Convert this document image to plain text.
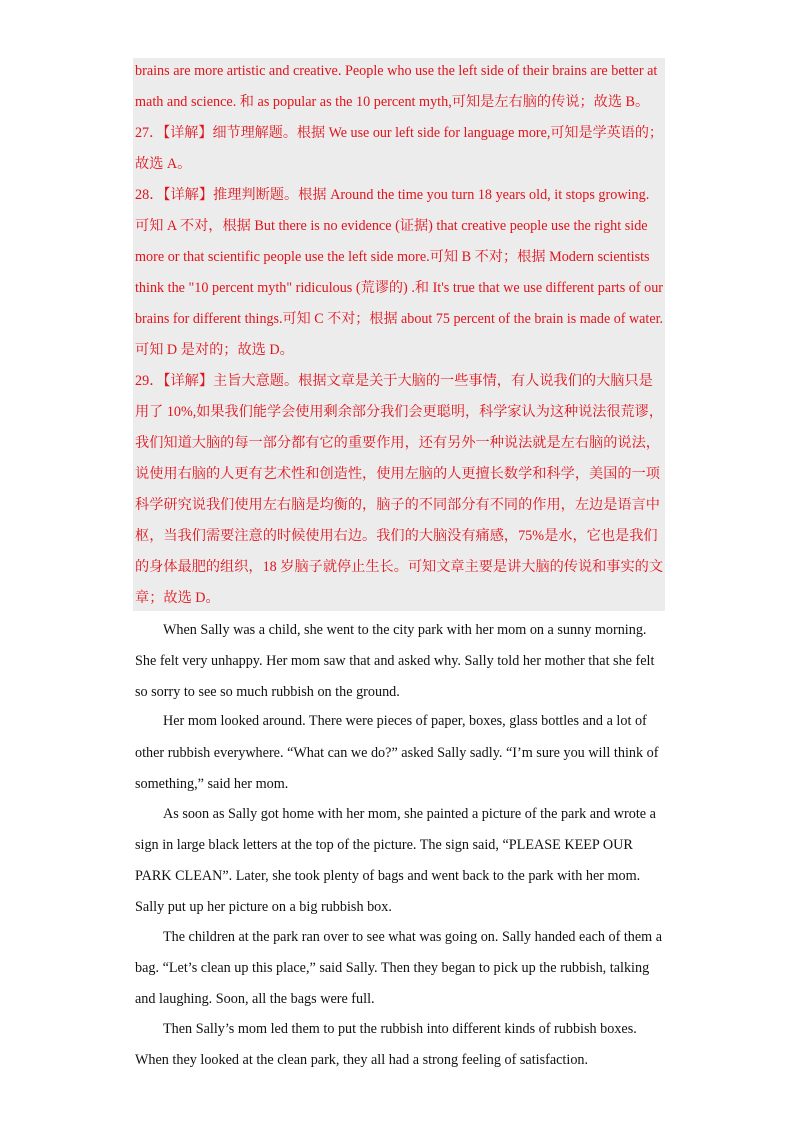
brains are more artistic and creative. People who use the left side of their brains are better at
math and science. 和 as popular as the 10 percent myth,可知是左右脑的传说；故选 B。
27．【详解】细节理解题。根据 We use our left side for language more,可知是学英语的；
故选 A。
28．【详解】推理判断题。根据 Around the time you turn 18 years old, it stops growing.
可知 A 不对，根据 But there is no evidence (证据) that creative people use the right side
more or that scientific people use the left side more.可知 B 不对；根据 Modern scientists
think the "10 percent myth" ridiculous (荒谬的) .和 It's true that we use different parts of our
brains for different things.可知 C 不对；根据 about 75 percent of the brain is made of water.
可知 D 是对的；故选 D。
29．【详解】主旨大意题。根据文章是关于大脑的一些事情，有人说我们的大脑只是
用了 10%,如果我们能学会使用剩余部分我们会更聪明，科学家认为这种说法很荒谬，
我们知道大脑的每一部分都有它的重要作用，还有另外一种说法就是左右脑的说法，
说使用右脑的人更有艺术性和创造性，使用左脑的人更擅长数学和科学，美国的一项
科学研究说我们使用左右脑是均衡的，脑子的不同部分有不同的作用，左边是语言中
枢，当我们需要注意的时候使用右边。我们的大脑没有痛感，75%是水，它也是我们
的身体最肥的组织，18 岁脑子就停止生长。可知文章主要是讲大脑的传说和事实的文
章；故选 D。
When Sally was a child, she went to the city park with her mom on a sunny morning.
She felt very unhappy. Her mom saw that and asked why. Sally told her mother that she felt
so sorry to see so much rubbish on the ground.
Her mom looked around. There were pieces of paper, boxes, glass bottles and a lot of
other rubbish everywhere. “What can we do?” asked Sally sadly. “I’m sure you will think of
something,” said her mom.
As soon as Sally got home with her mom, she painted a picture of the park and wrote a
sign in large black letters at the top of the picture. The sign said, “PLEASE KEEP OUR
PARK CLEAN”. Later, she took plenty of bags and went back to the park with her mom.
Sally put up her picture on a big rubbish box.
The children at the park ran over to see what was going on. Sally handed each of them a
bag. “Let’s clean up this place,” said Sally. Then they began to pick up the rubbish, talking
and laughing. Soon, all the bags were full.
Then Sally’s mom led them to put the rubbish into different kinds of rubbish boxes.
When they looked at the clean park, they all had a strong feeling of satisfaction.
